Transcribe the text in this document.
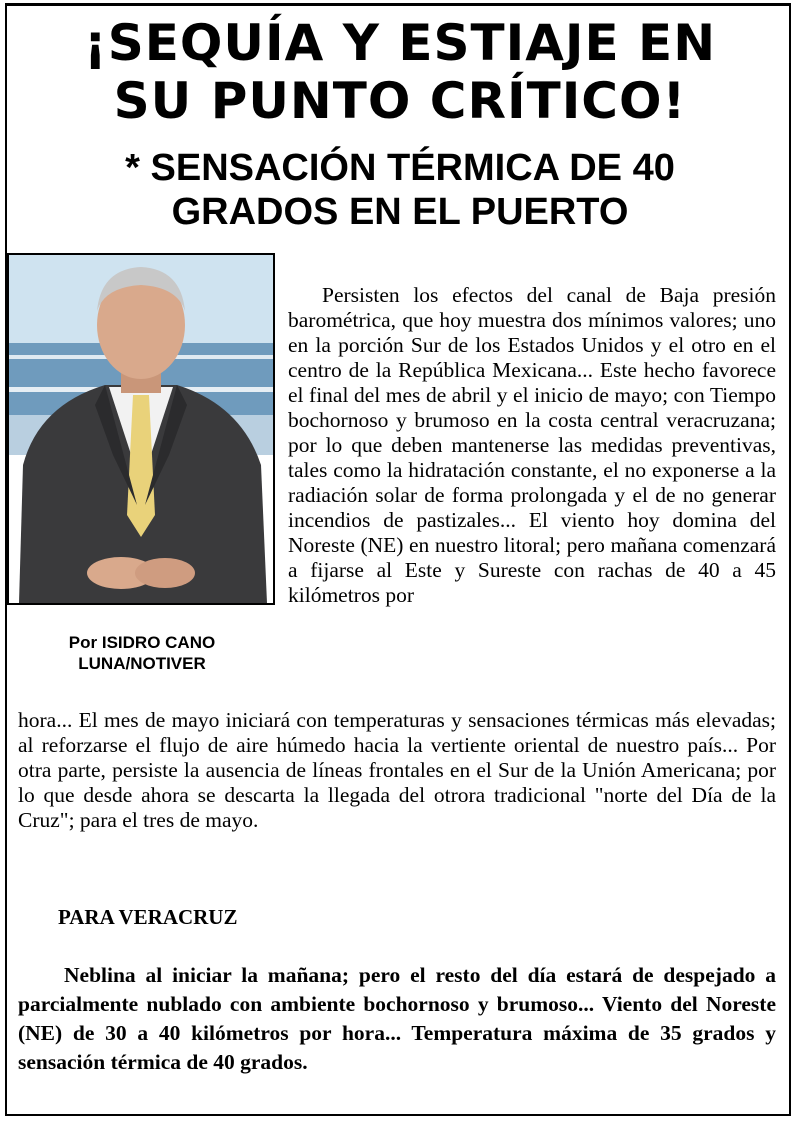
¡SEQUÍA Y ESTIAJE EN
SU PUNTO CRÍTICO!
* SENSACIÓN TÉRMICA DE 40
GRADOS EN EL PUERTO

Por ISIDRO CANO
LUNA/NOTIVER

Persisten los efectos del canal de Baja presión barométrica, que hoy muestra dos mínimos valores; uno en la porción Sur de los Estados Unidos y el otro en el centro de la República Mexicana... Este hecho favorece el final del mes de abril y el inicio de mayo; con Tiempo bochornoso y brumoso en la costa central veracruzana; por lo que deben mantenerse las medidas preventivas, tales como la hidratación constante, el no exponerse a la radiación solar de forma prolongada y el de no generar incendios de pastizales... El viento hoy domina del Noreste (NE) en nuestro litoral; pero mañana comenzará a fijarse al Este y Sureste con rachas de 40 a 45 kilómetros por

hora... El mes de mayo iniciará con temperaturas y sensaciones térmicas más elevadas; al reforzarse el flujo de aire húmedo hacia la vertiente oriental de nuestro país... Por otra parte, persiste la ausencia de líneas frontales en el Sur de la Unión Americana; por lo que desde ahora se descarta la llegada del otrora tradicional "norte del Día de la Cruz"; para el tres de mayo.

PARA VERACRUZ

Neblina al iniciar la mañana; pero el resto del día estará de despejado a parcialmente nublado con ambiente bochornoso y brumoso... Viento del Noreste (NE) de 30 a 40 kilómetros por hora... Temperatura máxima de 35 grados y sensación térmica de 40 grados.
